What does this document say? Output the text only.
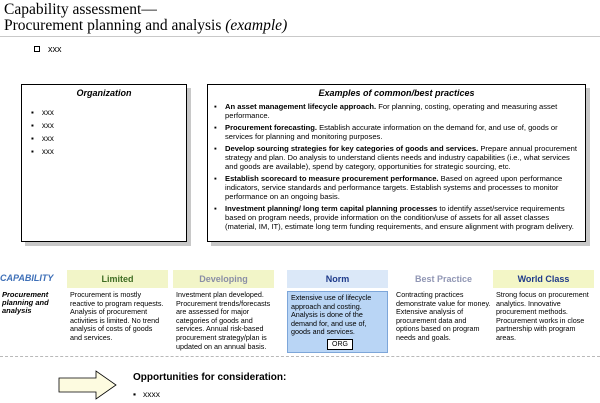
Capability assessment—
Procurement planning and analysis (example)
xxx
Organization
▪ xxx
▪ xxx
▪ xxx
▪ xxx
Examples of common/best practices
▪ An asset management lifecycle approach. For planning, costing, operating and measuring asset performance.
▪ Procurement forecasting. Establish accurate information on the demand for, and use of, goods or services for planning and monitoring purposes.
▪ Develop sourcing strategies for key categories of goods and services. Prepare annual procurement strategy and plan. Do analysis to understand clients needs and industry capabilities (i.e., what services and goods are available), spend by category, opportunities for strategic sourcing, etc.
▪ Establish scorecard to measure procurement performance. Based on agreed upon performance indicators, service standards and performance targets. Establish systems and processes to monitor performance on an ongoing basis.
▪ Investment planning/ long term capital planning processes to identify asset/service requirements based on program needs, provide information on the condition/use of assets for all asset classes (material, IM, IT), estimate long term funding requirements, and ensure alignment with program delivery.
CAPABILITY
Procurement planning and analysis
Limited
Procurement is mostly reactive to program requests. Analysis of procurement activities is limited. No trend analysis of costs of goods and services.
Developing
Investment plan developed. Procurement trends/forecasts are assessed for major categories of goods and services. Annual risk-based procurement strategy/plan is updated on an annual basis.
Norm
Extensive use of lifecycle approach and costing. Analysis is done of the demand for, and use of, goods and services.
Best Practice
Contracting practices demonstrate value for money. Extensive analysis of procurement data and options based on program needs and goals.
World Class
Strong focus on procurement analytics. Innovative procurement methods. Procurement works in close partnership with program areas.
ORG
Opportunities for consideration:
▪ xxxx
